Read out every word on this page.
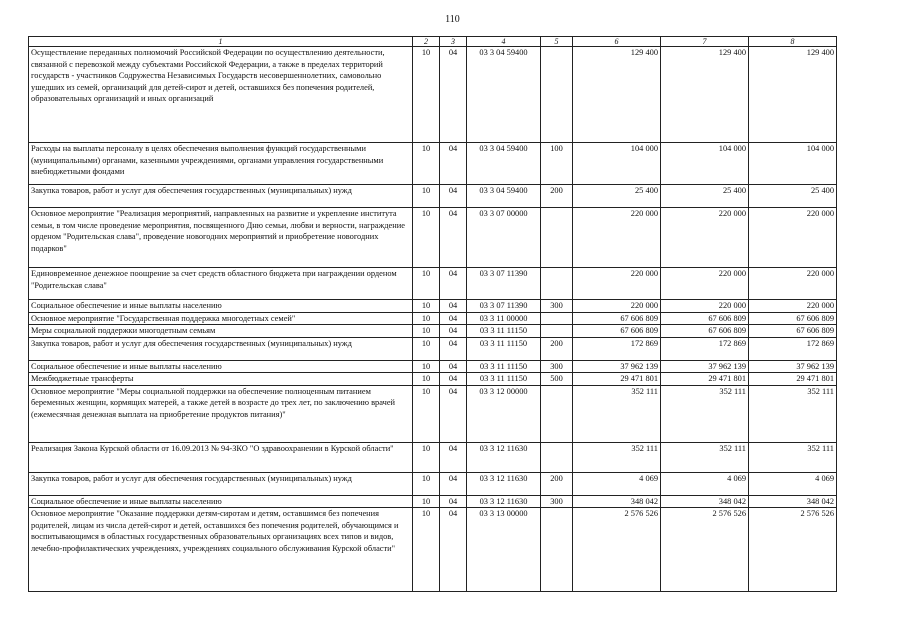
110
1	2	3	4	5	6	7	8
Осуществление переданных полномочий Российской Федерации по осуществлению деятельности, связанной с перевозкой между субъектами Российской Федерации, а также в пределах территорий государств - участников Содружества Независимых Государств несовершеннолетних, самовольно ушедших из семей, организаций для детей-сирот и детей, оставшихся без попечения родителей, образовательных организаций и иных организаций	10	04	03 3 04 59400		129 400	129 400	129 400
Расходы на выплаты персоналу в целях обеспечения выполнения функций государственными (муниципальными) органами, казенными учреждениями, органами управления государственными внебюджетными фондами	10	04	03 3 04 59400	100	104 000	104 000	104 000
Закупка товаров, работ и услуг для обеспечения государственных (муниципальных) нужд	10	04	03 3 04 59400	200	25 400	25 400	25 400
Основное мероприятие "Реализация мероприятий, направленных на развитие и укрепление института семьи, в том числе проведение мероприятия, посвященного Дню семьи, любви и верности, награждение орденом "Родительская слава", проведение новогодних мероприятий и приобретение новогодних подарков"	10	04	03 3 07 00000		220 000	220 000	220 000
Единовременное денежное поощрение за счет средств областного бюджета при награждении орденом "Родительская слава"	10	04	03 3 07 11390		220 000	220 000	220 000
Социальное обеспечение и иные выплаты населению	10	04	03 3 07 11390	300	220 000	220 000	220 000
Основное мероприятие "Государственная поддержка многодетных семей"	10	04	03 3 11 00000		67 606 809	67 606 809	67 606 809
Меры социальной поддержки многодетным семьям	10	04	03 3 11 11150		67 606 809	67 606 809	67 606 809
Закупка товаров, работ и услуг для обеспечения государственных (муниципальных) нужд	10	04	03 3 11 11150	200	172 869	172 869	172 869
Социальное обеспечение и иные выплаты населению	10	04	03 3 11 11150	300	37 962 139	37 962 139	37 962 139
Межбюджетные трансферты	10	04	03 3 11 11150	500	29 471 801	29 471 801	29 471 801
Основное мероприятие "Меры социальной поддержки на обеспечение полноценным питанием беременных женщин, кормящих матерей, а также детей в возрасте до трех лет, по заключению врачей (ежемесячная денежная выплата на приобретение продуктов питания)"	10	04	03 3 12 00000		352 111	352 111	352 111
Реализация Закона Курской области от 16.09.2013 № 94-ЗКО "О здравоохранении в Курской области"	10	04	03 3 12 11630		352 111	352 111	352 111
Закупка товаров, работ и услуг для обеспечения государственных (муниципальных) нужд	10	04	03 3 12 11630	200	4 069	4 069	4 069
Социальное обеспечение и иные выплаты населению	10	04	03 3 12 11630	300	348 042	348 042	348 042
Основное мероприятие "Оказание поддержки детям-сиротам и детям, оставшимся без попечения родителей, лицам из числа детей-сирот и детей, оставшихся без попечения родителей, обучающимся и воспитывающимся в областных государственных образовательных организациях всех типов и видов, лечебно-профилактических учреждениях, учреждениях социального обслуживания Курской области"	10	04	03 3 13 00000		2 576 526	2 576 526	2 576 526
